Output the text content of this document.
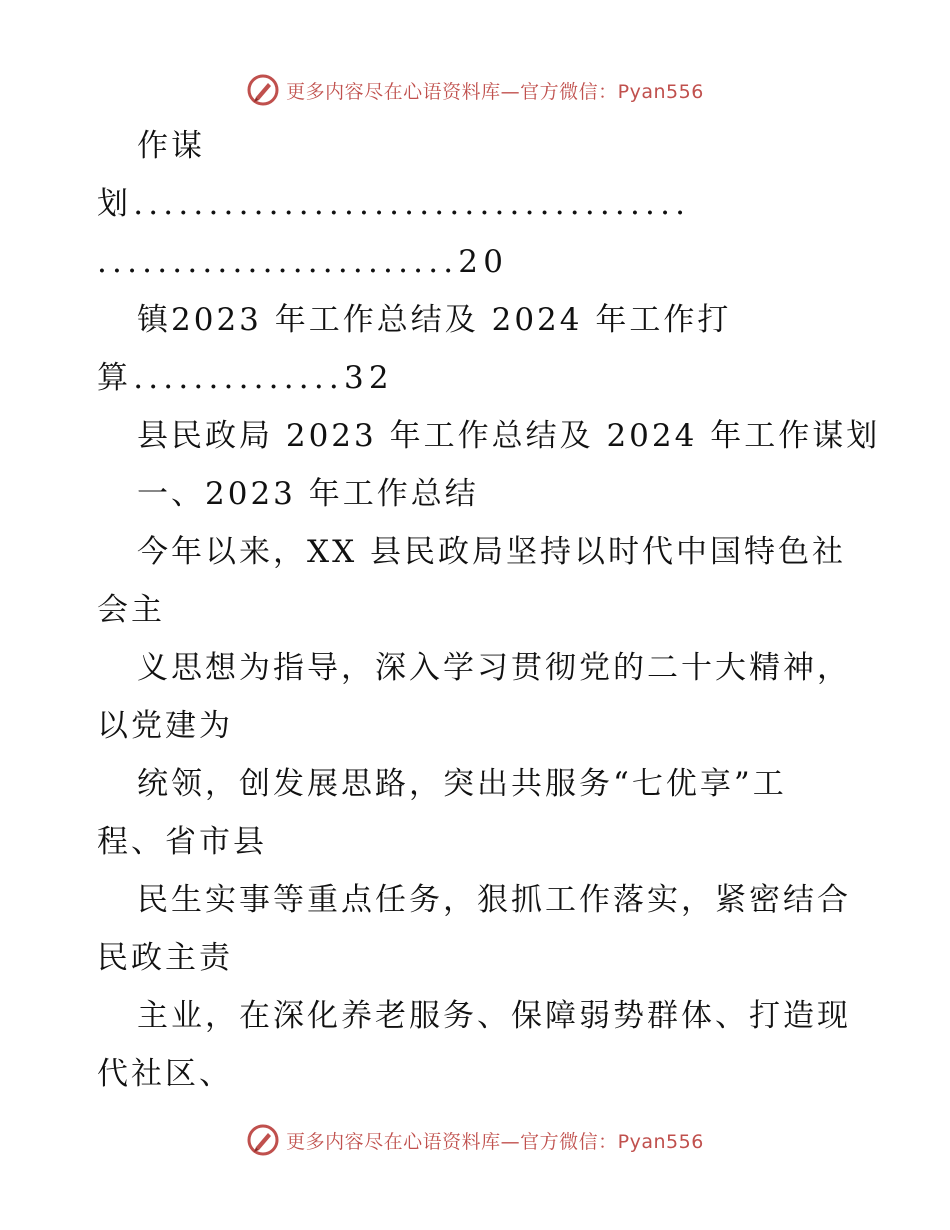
更多内容尽在心语资料库—官方微信：Pyan556
作谋
划.....................................
........................20
镇2023 年工作总结及 2024 年工作打
算..............32
县民政局 2023 年工作总结及 2024 年工作谋划
一、2023 年工作总结
今年以来，XX 县民政局坚持以时代中国特色社
会主
义思想为指导，深入学习贯彻党的二十大精神，
以党建为
统领，创发展思路，突出共服务“七优享”工
程、省市县
民生实事等重点任务，狠抓工作落实，紧密结合
民政主责
主业，在深化养老服务、保障弱势群体、打造现
代社区、
更多内容尽在心语资料库—官方微信：Pyan556
